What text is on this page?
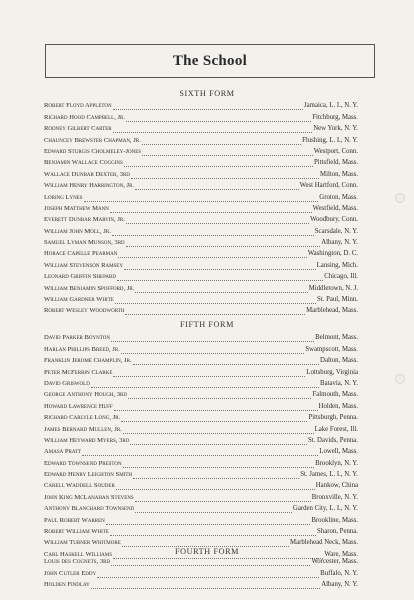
The School
SIXTH FORM
Robert Floyd Appleton	Jamaica, L. I., N. Y.
Richard Hood Campbell, Jr.	Fitchburg, Mass.
Rodney Gilbert Carter	New York, N. Y.
Chauncey Brewster Chapman, Jr.	Flushing, L. I., N. Y.
Edward Sturgis Cholmeley-Jones	Westport, Conn.
Benjamin Wallace Coggins	Pittsfield, Mass.
Wallace Dunbar Dexter, 3rd	Milton, Mass.
William Henry Harrington, Jr.	West Hartford, Conn.
Loring Lynes	Groton, Mass.
Joseph Matthew Mann	Westfield, Mass.
Everett Dunbar Marvin, Jr.	Woodbury, Conn.
William John Moll, Jr.	Scarsdale, N. Y.
Samuel Lyman Munson, 3rd	Albany, N. Y.
Horace Capelle Pearman	Washington, D. C.
William Stevenson Ramsey	Lansing, Mich.
Leonard Griffin Shepard	Chicago, Ill.
William Benjamin Spofford, Jr.	Middletown, N. J.
William Gardner White	St. Paul, Minn.
Robert Wesley Woodworth	Marblehead, Mass.
FIFTH FORM
David Parker Boynton	Belmont, Mass.
Harlan Phillips Breed, Jr.	Swampscott, Mass.
Franklin Jerome Champlin, Jr.	Dalton, Mass.
Peter McFerrin Clarke	Lottsburg, Virginia
David Griswold	Batavia, N. Y.
George Anthony Hough, 3rd	Falmouth, Mass.
Howard Lawrence Huff	Holden, Mass.
Richard Carlyle Long, Jr.	Pittsburgh, Penna.
James Bernard Mullen, Jr.	Lake Forest, Ill.
William Heyward Myers, 3rd	St. Davids, Penna.
Amasa Pratt	Lowell, Mass.
Edward Townsend Preston	Brooklyn, N. Y.
Edward Henry Leighton Smith	St. James, L. I., N. Y.
Carell Waddell Souder	Hankow, China
John King McLanahan Stevens	Bronxville, N. Y.
Anthony Blanchard Townsend	Garden City, L. I., N. Y.
Paul Robert Warren	Brookline, Mass.
Robert William White	Sharon, Penna.
William Turner Whitmore	Marblehead Neck, Mass.
Carl Haskell Williams	Ware, Mass.
FOURTH FORM
Louis des Cognets, 3rd	Worcester, Mass.
John Cutler Eddy	Buffalo, N. Y.
Holden Findlay	Albany, N. Y.
